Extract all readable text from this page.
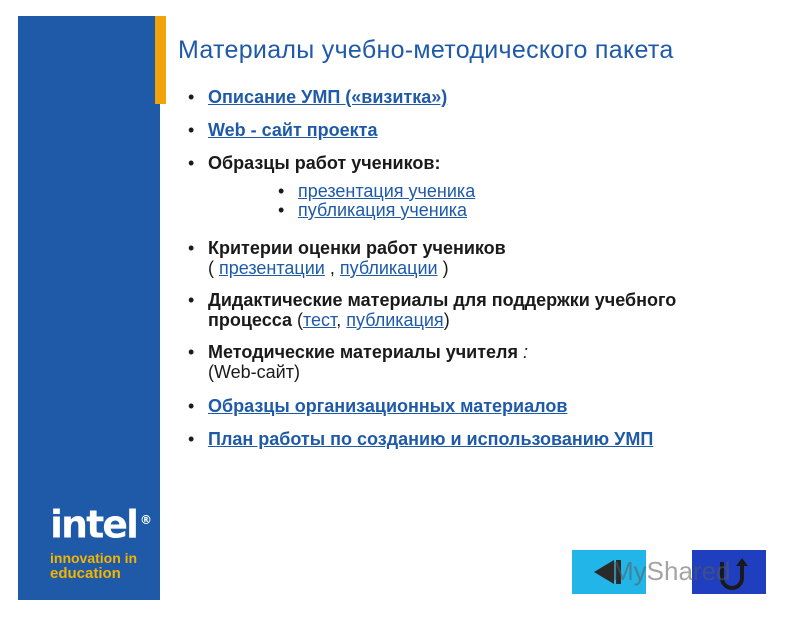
intel ®
innovation in
education
Материалы учебно-методического пакета
• Описание УМП («визитка»)
• Web - сайт проекта
• Образцы работ учеников:
• презентация ученика
• публикация ученика
• Критерии оценки работ учеников
( презентации , публикации )
• Дидактические материалы для поддержки учебного
процесса (тест, публикация)
• Методические материалы учителя :
(Web-сайт)
• Образцы организационных материалов
• План работы по созданию и использованию УМП
MyShared
